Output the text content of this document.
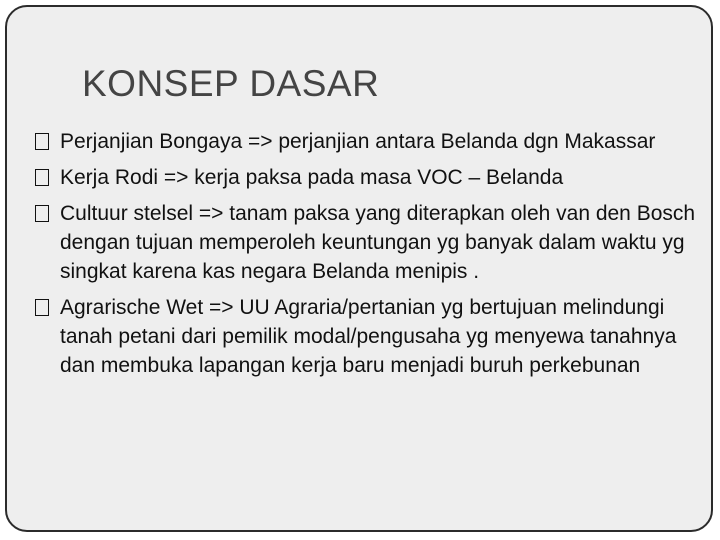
KONSEP DASAR
Perjanjian Bongaya => perjanjian antara Belanda dgn Makassar
Kerja Rodi => kerja paksa pada masa VOC – Belanda
Cultuur stelsel => tanam paksa yang diterapkan oleh van den Bosch dengan tujuan memperoleh keuntungan yg banyak dalam waktu yg singkat karena kas negara Belanda menipis .
Agrarische Wet => UU Agraria/pertanian yg bertujuan melindungi tanah petani dari pemilik modal/pengusaha yg menyewa tanahnya dan membuka lapangan kerja baru menjadi buruh perkebunan
